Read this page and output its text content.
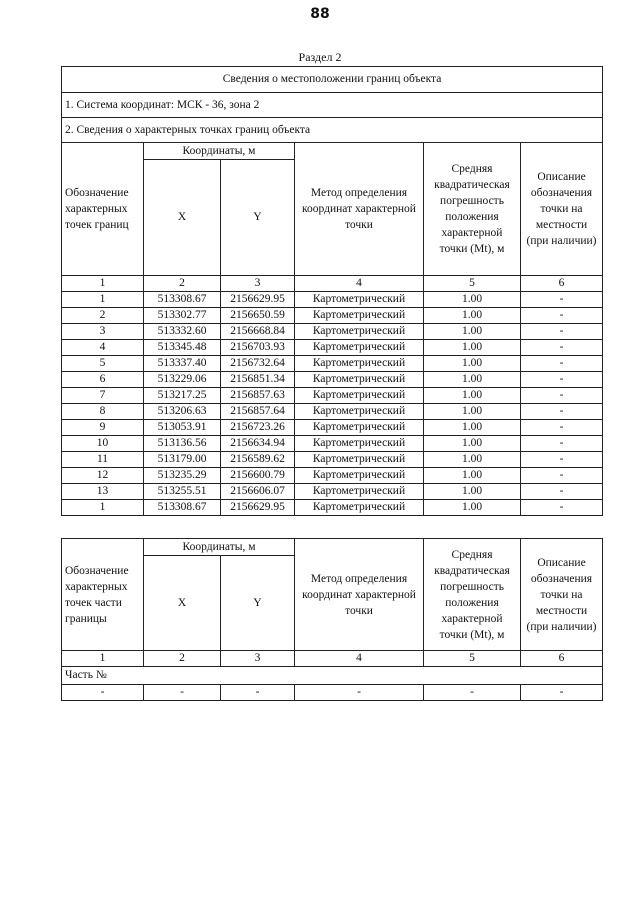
88
Раздел 2
Сведения о местоположении границ объекта					
1. Система координат: МСК - 36, зона 2					
2. Сведения о характерных точках границ объекта					
Обозначение характерных точек границ	Координаты, м		Метод определения координат характерной точки	Средняя квадратическая погрешность положения характерной точки (Mt), м	Описание обозначения точки на местности (при наличии)
	X	Y			
1	2	3	4	5	6
1	513308.67	2156629.95	Картометрический	1.00	-
2	513302.77	2156650.59	Картометрический	1.00	-
3	513332.60	2156668.84	Картометрический	1.00	-
4	513345.48	2156703.93	Картометрический	1.00	-
5	513337.40	2156732.64	Картометрический	1.00	-
6	513229.06	2156851.34	Картометрический	1.00	-
7	513217.25	2156857.63	Картометрический	1.00	-
8	513206.63	2156857.64	Картометрический	1.00	-
9	513053.91	2156723.26	Картометрический	1.00	-
10	513136.56	2156634.94	Картометрический	1.00	-
11	513179.00	2156589.62	Картометрический	1.00	-
12	513235.29	2156600.79	Картометрический	1.00	-
13	513255.51	2156606.07	Картометрический	1.00	-
1	513308.67	2156629.95	Картометрический	1.00	-
Обозначение характерных точек части границы	Координаты, м		Метод определения координат характерной точки	Средняя квадратическая погрешность положения характерной точки (Mt), м	Описание обозначения точки на местности (при наличии)
	X	Y			
1	2	3	4	5	6
Часть №					
-	-	-	-	-	-
